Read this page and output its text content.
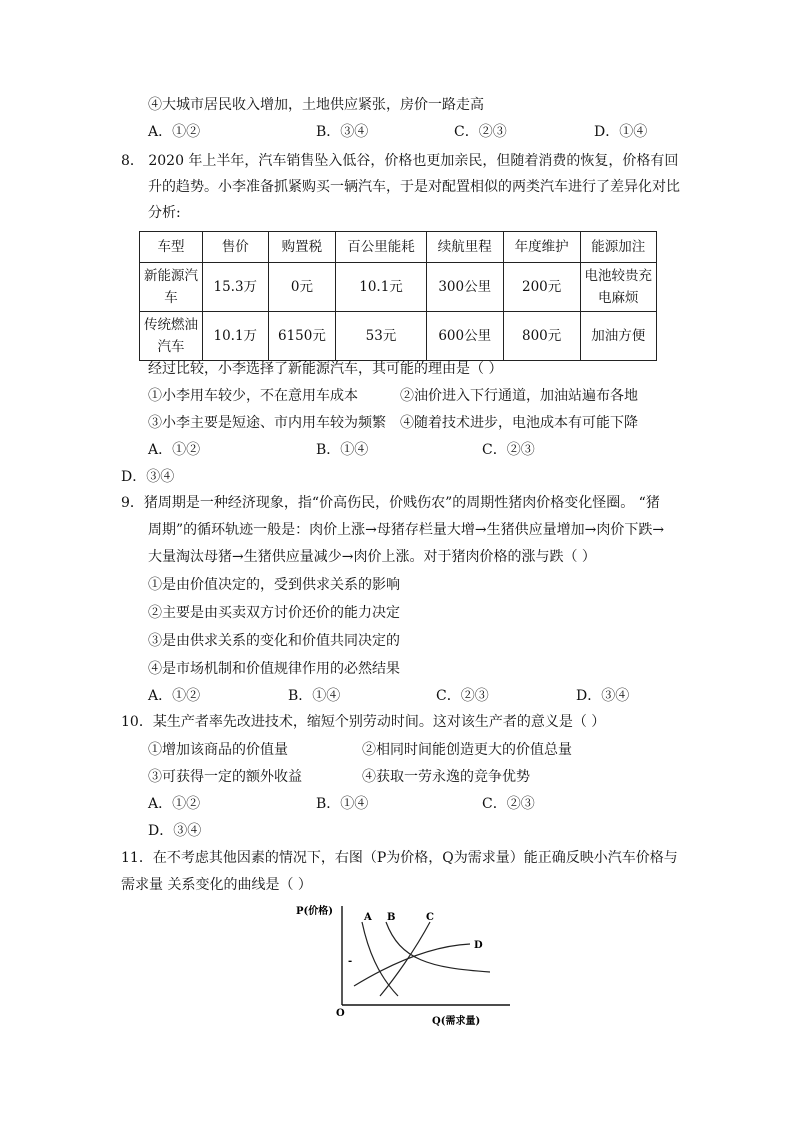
④大城市居民收入增加，土地供应紧张，房价一路走高
A．①②	B．③④	C．②③	D．①④
8． 2020 年上半年，汽车销售坠入低谷，价格也更加亲民，但随着消费的恢复，价格有回
升的趋势。小李准备抓紧购买一辆汽车，于是对配置相似的两类汽车进行了差异化对比
分析:
车型	售价	购置税	百公里能耗	续航里程	年度维护	能源加注
新能源汽车	15.3万	0元	10.1元	300公里	200元	电池较贵充电麻烦
传统燃油汽车	10.1万	6150元	53元	600公里	800元	加油方便
经过比较，小李选择了新能源汽车，其可能的理由是（ ）
①小李用车较少，不在意用车成本	②油价进入下行通道，加油站遍布各地
③小李主要是短途、市内用车较为频繁 ④随着技术进步，电池成本有可能下降
A．①②	B．①④	C．②③
D．③④
9．猪周期是一种经济现象，指“价高伤民，价贱伤农”的周期性猪肉价格变化怪圈。 “猪
周期”的循环轨迹一般是：肉价上涨→母猪存栏量大增→生猪供应量增加→肉价下跌→
大量淘汰母猪→生猪供应量减少→肉价上涨。对于猪肉价格的涨与跌（ ）
①是由价值决定的，受到供求关系的影响
②主要是由买卖双方讨价还价的能力决定
③是由供求关系的变化和价值共同决定的
④是市场机制和价值规律作用的必然结果
A．①②	B．①④	C．②③	D．③④
10．某生产者率先改进技术，缩短个别劳动时间。这对该生产者的意义是（ ）
①增加该商品的价值量	②相同时间能创造更大的价值总量
③可获得一定的额外收益	④获取一劳永逸的竞争优势
A．①②	B．①④	C．②③
D．③④
11．在不考虑其他因素的情况下，右图（P为价格，Q为需求量）能正确反映小汽车价格与
需求量 关系变化的曲线是（ ）
P(价格)
Q(需求量)
O
A B	C
D
-
